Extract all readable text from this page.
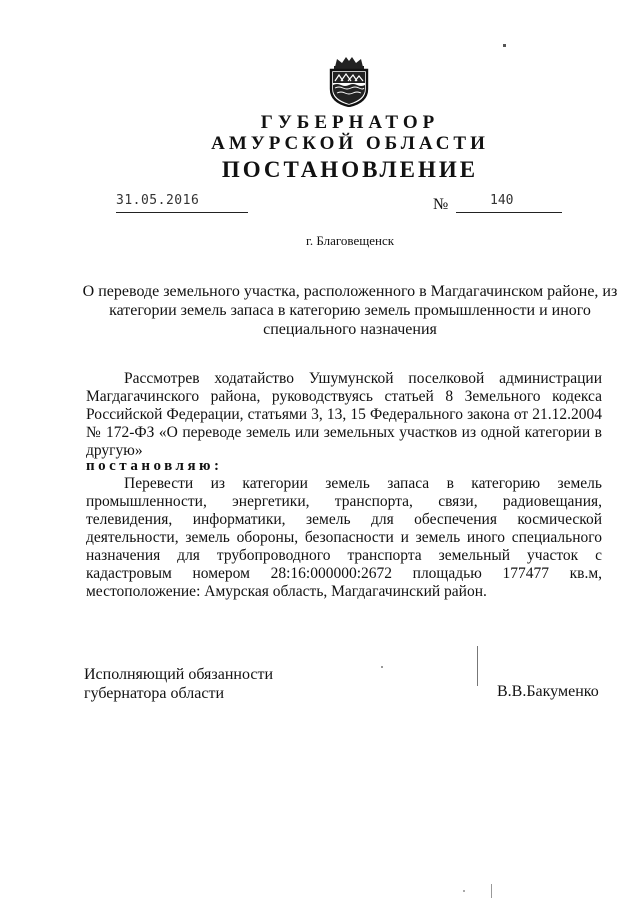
ГУБЕРНАТОР
АМУРСКОЙ ОБЛАСТИ
ПОСТАНОВЛЕНИЕ
31.05.2016	№	140
г. Благовещенск
О переводе земельного участка, расположенного в Магдагачинском районе, из категории земель запаса в категорию земель промышленности и иного специального назначения
Рассмотрев ходатайство Ушумунской поселковой администрации Магдагачинского района, руководствуясь статьей 8 Земельного кодекса Российской Федерации, статьями 3, 13, 15 Федерального закона от 21.12.2004 № 172-ФЗ «О переводе земель или земельных участков из одной категории в другую»
постановляю:
Перевести из категории земель запаса в категорию земель промышленности, энергетики, транспорта, связи, радиовещания, телевидения, информатики, земель для обеспечения космической деятельности, земель обороны, безопасности и земель иного специального назначения для трубопроводного транспорта земельный участок с кадастровым номером 28:16:000000:2672 площадью 177477 кв.м, местоположение: Амурская область, Магдагачинский район.
Исполняющий обязанности
губернатора области	В.В.Бакуменко
